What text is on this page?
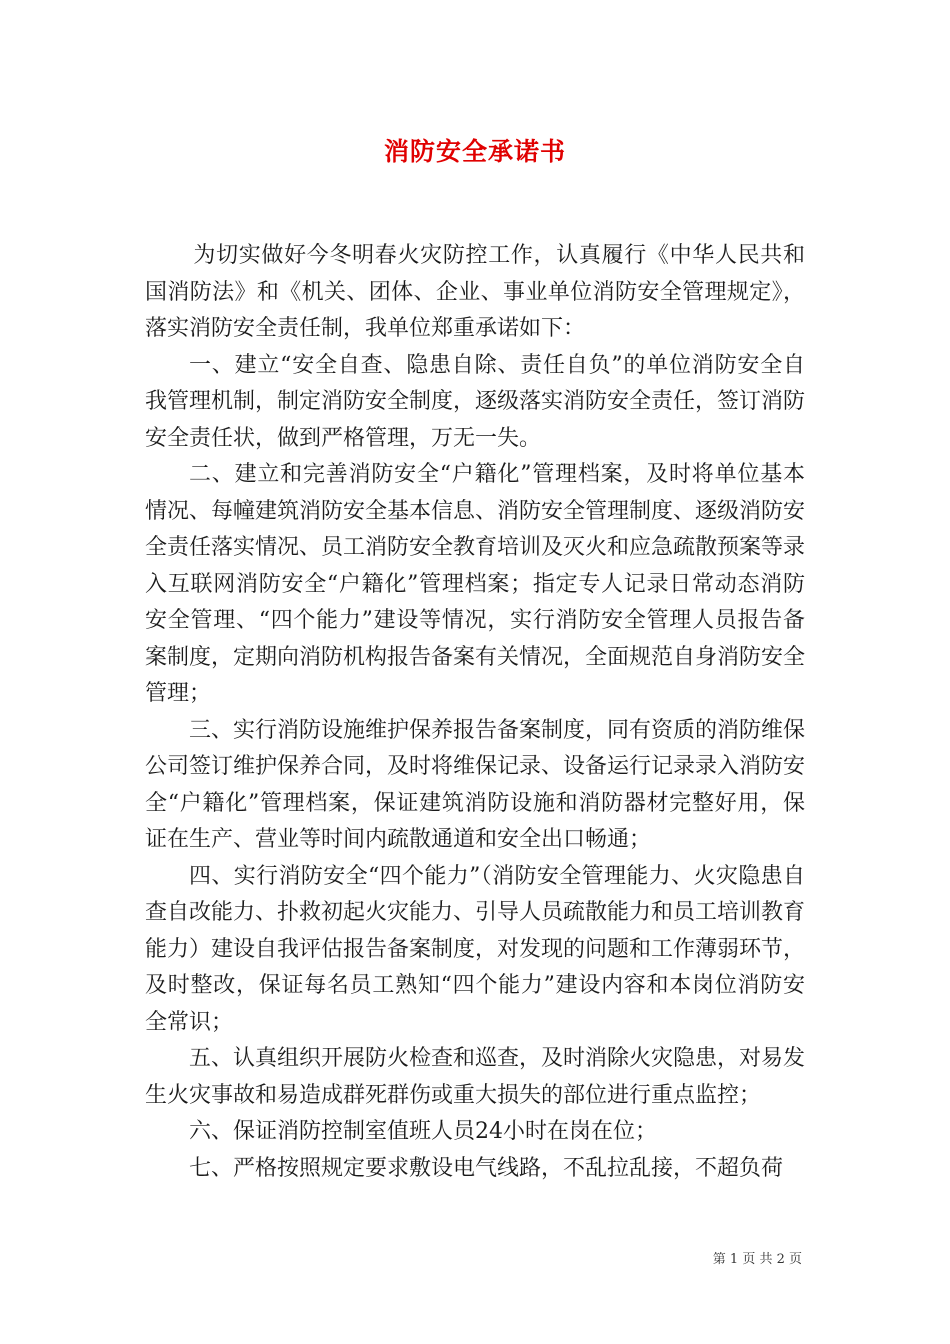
消防安全承诺书

为切实做好今冬明春火灾防控工作，认真履行《中华人民共和国消防法》和《机关、团体、企业、事业单位消防安全管理规定》，落实消防安全责任制，我单位郑重承诺如下：

一、建立“安全自查、隐患自除、责任自负”的单位消防安全自我管理机制，制定消防安全制度，逐级落实消防安全责任，签订消防安全责任状，做到严格管理，万无一失。

二、建立和完善消防安全“户籍化”管理档案，及时将单位基本情况、每幢建筑消防安全基本信息、消防安全管理制度、逐级消防安全责任落实情况、员工消防安全教育培训及灭火和应急疏散预案等录入互联网消防安全“户籍化”管理档案；指定专人记录日常动态消防安全管理、“四个能力”建设等情况，实行消防安全管理人员报告备案制度，定期向消防机构报告备案有关情况，全面规范自身消防安全管理；

三、实行消防设施维护保养报告备案制度，同有资质的消防维保公司签订维护保养合同，及时将维保记录、设备运行记录录入消防安全“户籍化”管理档案，保证建筑消防设施和消防器材完整好用，保证在生产、营业等时间内疏散通道和安全出口畅通；

四、实行消防安全“四个能力”（消防安全管理能力、火灾隐患自查自改能力、扑救初起火灾能力、引导人员疏散能力和员工培训教育能力）建设自我评估报告备案制度，对发现的问题和工作薄弱环节，及时整改，保证每名员工熟知“四个能力”建设内容和本岗位消防安全常识；

五、认真组织开展防火检查和巡查，及时消除火灾隐患，对易发生火灾事故和易造成群死群伤或重大损失的部位进行重点监控；

六、保证消防控制室值班人员24小时在岗在位；

七、严格按照规定要求敷设电气线路，不乱拉乱接，不超负荷

第 1 页 共 2 页
